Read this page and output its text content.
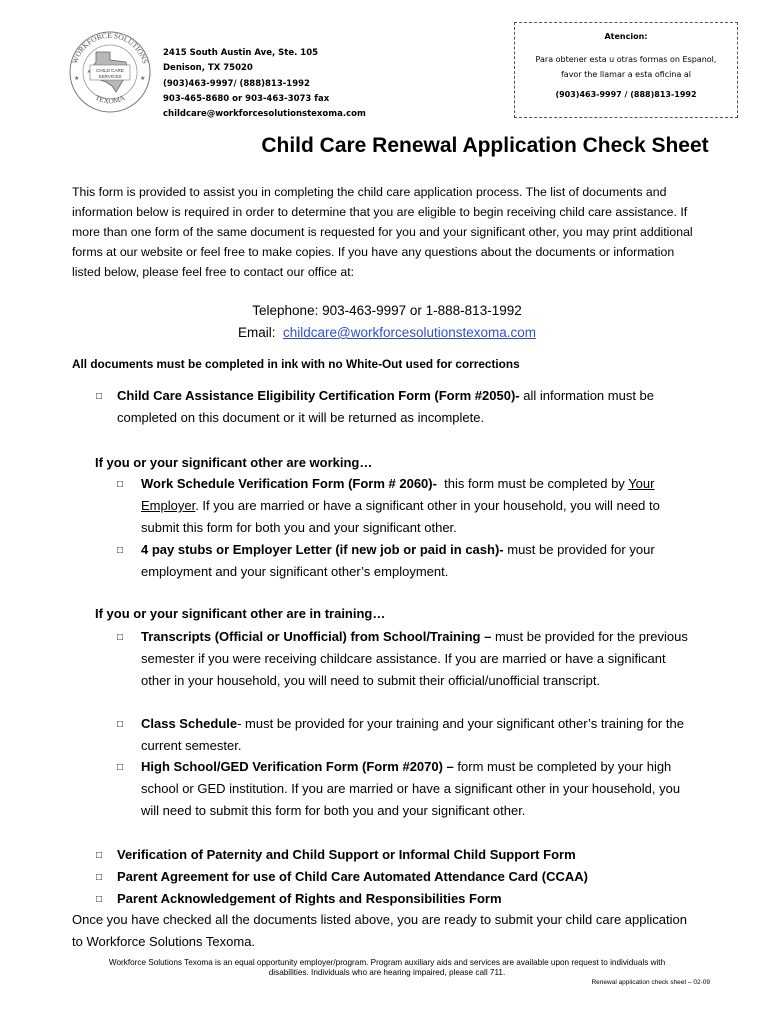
WORKFORCE SOLUTIONS
TEXOMA
CHILD CARE
SERVICES
★	★
2415 South Austin Ave, Ste. 105
Denison, TX 75020
(903)463-9997/ (888)813-1992
903-465-8680 or 903-463-3073 fax
childcare@workforcesolutionstexoma.com
Atencion:
Para obtener esta u otras formas on Espanol,
favor the llamar a esta oficina al
(903)463-9997 / (888)813-1992
Child Care Renewal Application Check Sheet
This form is provided to assist you in completing the child care application process. The list of documents and information below is required in order to determine that you are eligible to begin receiving child care assistance. If more than one form of the same document is requested for you and your significant other, you may print additional forms at our website or feel free to make copies. If you have any questions about the documents or information listed below, please feel free to contact our office at:
Telephone: 903-463-9997 or 1-888-813-1992
Email:  childcare@workforcesolutionstexoma.com
All documents must be completed in ink with no White-Out used for corrections
□ Child Care Assistance Eligibility Certification Form (Form #2050)- all information must be completed on this document or it will be returned as incomplete.
If you or your significant other are working…
□ Work Schedule Verification Form (Form # 2060)-  this form must be completed by Your Employer. If you are married or have a significant other in your household, you will need to submit this form for both you and your significant other.
□ 4 pay stubs or Employer Letter (if new job or paid in cash)- must be provided for your employment and your significant other’s employment.
If you or your significant other are in training…
□ Transcripts (Official or Unofficial) from School/Training – must be provided for the previous semester if you were receiving childcare assistance. If you are married or have a significant other in your household, you will need to submit their official/unofficial transcript.
□ Class Schedule- must be provided for your training and your significant other’s training for the current semester.
□ High School/GED Verification Form (Form #2070) – form must be completed by your high school or GED institution. If you are married or have a significant other in your household, you will need to submit this form for both you and your significant other.
□ Verification of Paternity and Child Support or Informal Child Support Form
□ Parent Agreement for use of Child Care Automated Attendance Card (CCAA)
□ Parent Acknowledgement of Rights and Responsibilities Form
Once you have checked all the documents listed above, you are ready to submit your child care application to Workforce Solutions Texoma.
Workforce Solutions Texoma is an equal opportunity employer/program. Program auxiliary aids and services are available upon request to individuals with
disabilities. Individuals who are hearing impaired, please call 711.
Renewal application check sheet – 02-09
